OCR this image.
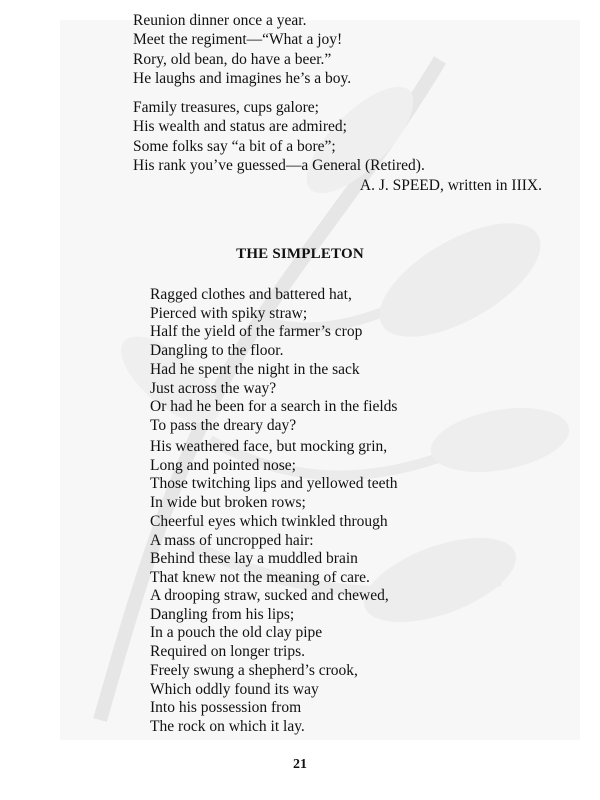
Reunion dinner once a year.
Meet the regiment—“What a joy!
Rory, old bean, do have a beer.”
He laughs and imagines he’s a boy.
Family treasures, cups galore;
His wealth and status are admired;
Some folks say “a bit of a bore”;
His rank you’ve guessed—a General (Retired).
A. J. SPEED, written in IIIX.
THE SIMPLETON
Ragged clothes and battered hat,
Pierced with spiky straw;
Half the yield of the farmer’s crop
Dangling to the floor.
Had he spent the night in the sack
Just across the way?
Or had he been for a search in the fields
To pass the dreary day?
His weathered face, but mocking grin,
Long and pointed nose;
Those twitching lips and yellowed teeth
In wide but broken rows;
Cheerful eyes which twinkled through
A mass of uncropped hair:
Behind these lay a muddled brain
That knew not the meaning of care.
A drooping straw, sucked and chewed,
Dangling from his lips;
In a pouch the old clay pipe
Required on longer trips.
Freely swung a shepherd’s crook,
Which oddly found its way
Into his possession from
The rock on which it lay.
21
